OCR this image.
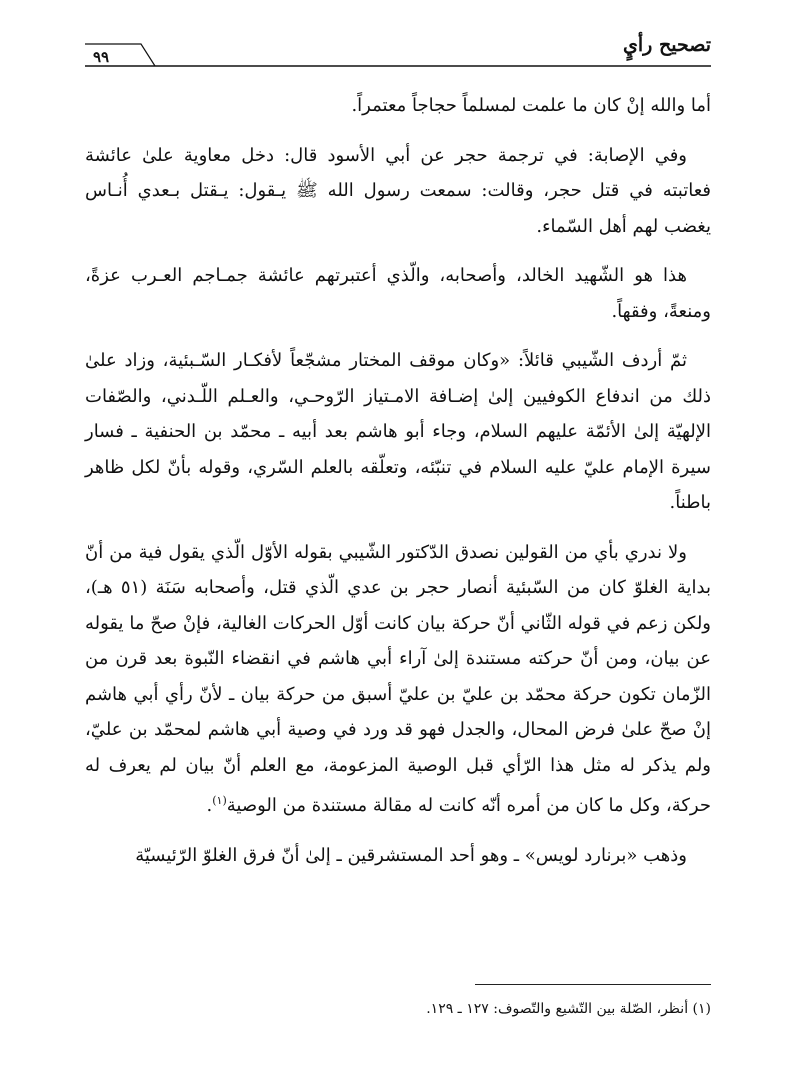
٩٩
تصحيح رأيٍ

أما والله إنْ كان ما علمت لمسلماً حجاجاً معتمراً.

وفي الإصابة: في ترجمة حجر عن أبي الأسود قال: دخل معاوية علىٰ عائشة فعاتبته في قتل حجر، وقالت: سمعت رسول الله ﷺ يـقول: يـقتل بـعدي أُنـاس يغضب لهم أهل السّماء.

هذا هو الشّهيد الخالد، وأصحابه، والّذي أعتبرتهم عائشة جمـاجم العـرب عزةً، ومنعةً، وفقهاً.

ثمّ أردف الشّيبي قائلاً: «وكان موقف المختار مشجّعاً لأفكـار السّـبئية، وزاد علىٰ ذلك من اندفاع الكوفيين إلىٰ إضـافة الامـتياز الرّوحـي، والعـلم اللّـدني، والصّفات الإلهيّة إلىٰ الأئمّة عليهم السلام، وجاء أبو هاشم بعد أبيه ـ محمّد بن الحنفية ـ فسار سيرة الإمام عليّ عليه السلام في تنبّئه، وتعلّقه بالعلم السّري، وقوله بأنّ لكل ظاهر باطناً.

ولا ندري بأي من القولين نصدق الدّكتور الشّيبي بقوله الأوّل الّذي يقول فية من أنّ بداية الغلوّ كان من السّبئية أنصار حجر بن عدي الّذي قتل، وأصحابه سَنَة (٥١ هـ)، ولكن زعم في قوله الثّاني أنّ حركة بيان كانت أوّل الحركات الغالية، فإنْ صحّ ما يقوله عن بيان، ومن أنّ حركته مستندة إلىٰ آراء أبي هاشم في انقضاء النّبوة بعد قرن من الزّمان تكون حركة محمّد بن عليّ بن عليّ أسبق من حركة بيان ـ لأنّ رأي أبي هاشم إنْ صحّ علىٰ فرض المحال، والجدل فهو قد ورد في وصية أبي هاشم لمحمّد بن عليّ، ولم يذكر له مثل هذا الرّأي قبل الوصية المزعومة، مع العلم أنّ بيان لم يعرف له حركة، وكل ما كان من أمره أنّه كانت له مقالة مستندة من الوصية$^{(١)}$.

وذهب «برنارد لويس» ـ وهو أحد المستشرقين ـ إلىٰ أنّ فرق الغلوّ الرّئيسيّة

(١) أنظر، الصّلة بين التّشيع والتّصوف: ١٢٧ ـ ١٢٩.
